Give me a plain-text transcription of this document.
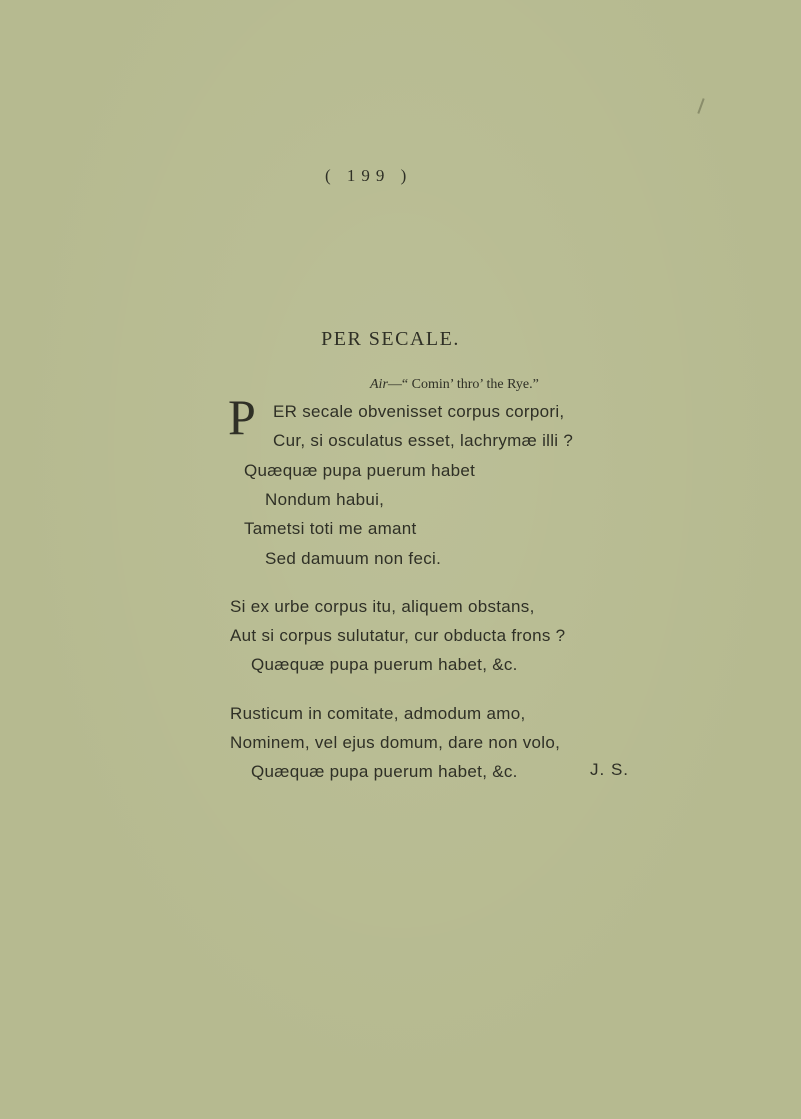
( 199 )
PER SECALE.
Air—“ Comin’ thro’ the Rye.”
P ER secale obvenisset corpus corpori,
Cur, si osculatus esset, lachrymæ illi ?
Quæquæ pupa puerum habet
Nondum habui,
Tametsi toti me amant
Sed damuum non feci.
Si ex urbe corpus itu, aliquem obstans,
Aut si corpus sulutatur, cur obducta frons ?
Quæquæ pupa puerum habet, &c.
Rusticum in comitate, admodum amo,
Nominem, vel ejus domum, dare non volo,
Quæquæ pupa puerum habet, &c.	J. S.
